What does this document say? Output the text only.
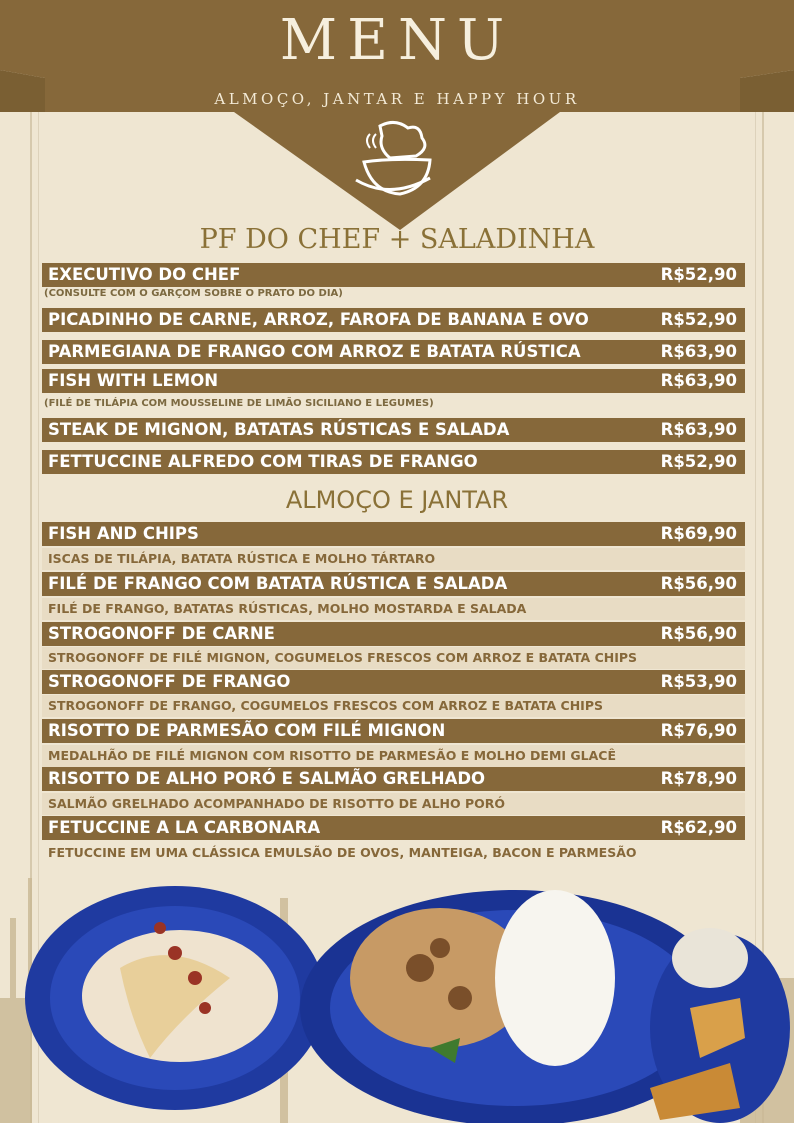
MENU
ALMOÇO, JANTAR E HAPPY HOUR
PF DO CHEF + SALADINHA
EXECUTIVO DO CHEF	R$52,90
(CONSULTE COM O GARÇOM SOBRE O PRATO DO DIA)
PICADINHO DE CARNE, ARROZ, FAROFA DE BANANA E OVO	R$52,90
PARMEGIANA DE FRANGO COM ARROZ E BATATA RÚSTICA	R$63,90
FISH WITH LEMON	R$63,90
(FILÉ DE TILÁPIA COM MOUSSELINE DE LIMÃO SICILIANO E LEGUMES)
STEAK DE MIGNON, BATATAS RÚSTICAS E SALADA	R$63,90
FETTUCCINE ALFREDO COM TIRAS DE FRANGO	R$52,90
ALMOÇO E JANTAR
FISH AND CHIPS	R$69,90
ISCAS DE TILÁPIA, BATATA RÚSTICA E MOLHO TÁRTARO
FILÉ DE FRANGO COM BATATA RÚSTICA E SALADA	R$56,90
FILÉ DE FRANGO, BATATAS RÚSTICAS, MOLHO MOSTARDA E SALADA
STROGONOFF DE CARNE	R$56,90
STROGONOFF DE FILÉ MIGNON, COGUMELOS FRESCOS COM ARROZ E BATATA CHIPS
STROGONOFF DE FRANGO	R$53,90
STROGONOFF DE FRANGO, COGUMELOS FRESCOS COM ARROZ E BATATA CHIPS
RISOTTO DE PARMESÃO COM FILÉ MIGNON	R$76,90
MEDALHÃO DE FILÉ MIGNON COM RISOTTO DE PARMESÃO E MOLHO DEMI GLACÊ
RISOTTO DE ALHO PORÓ E SALMÃO GRELHADO	R$78,90
SALMÃO GRELHADO ACOMPANHADO DE RISOTTO DE ALHO PORÓ
FETUCCINE A LA CARBONARA	R$62,90
FETUCCINE EM UMA CLÁSSICA EMULSÃO DE OVOS, MANTEIGA, BACON E PARMESÃO
